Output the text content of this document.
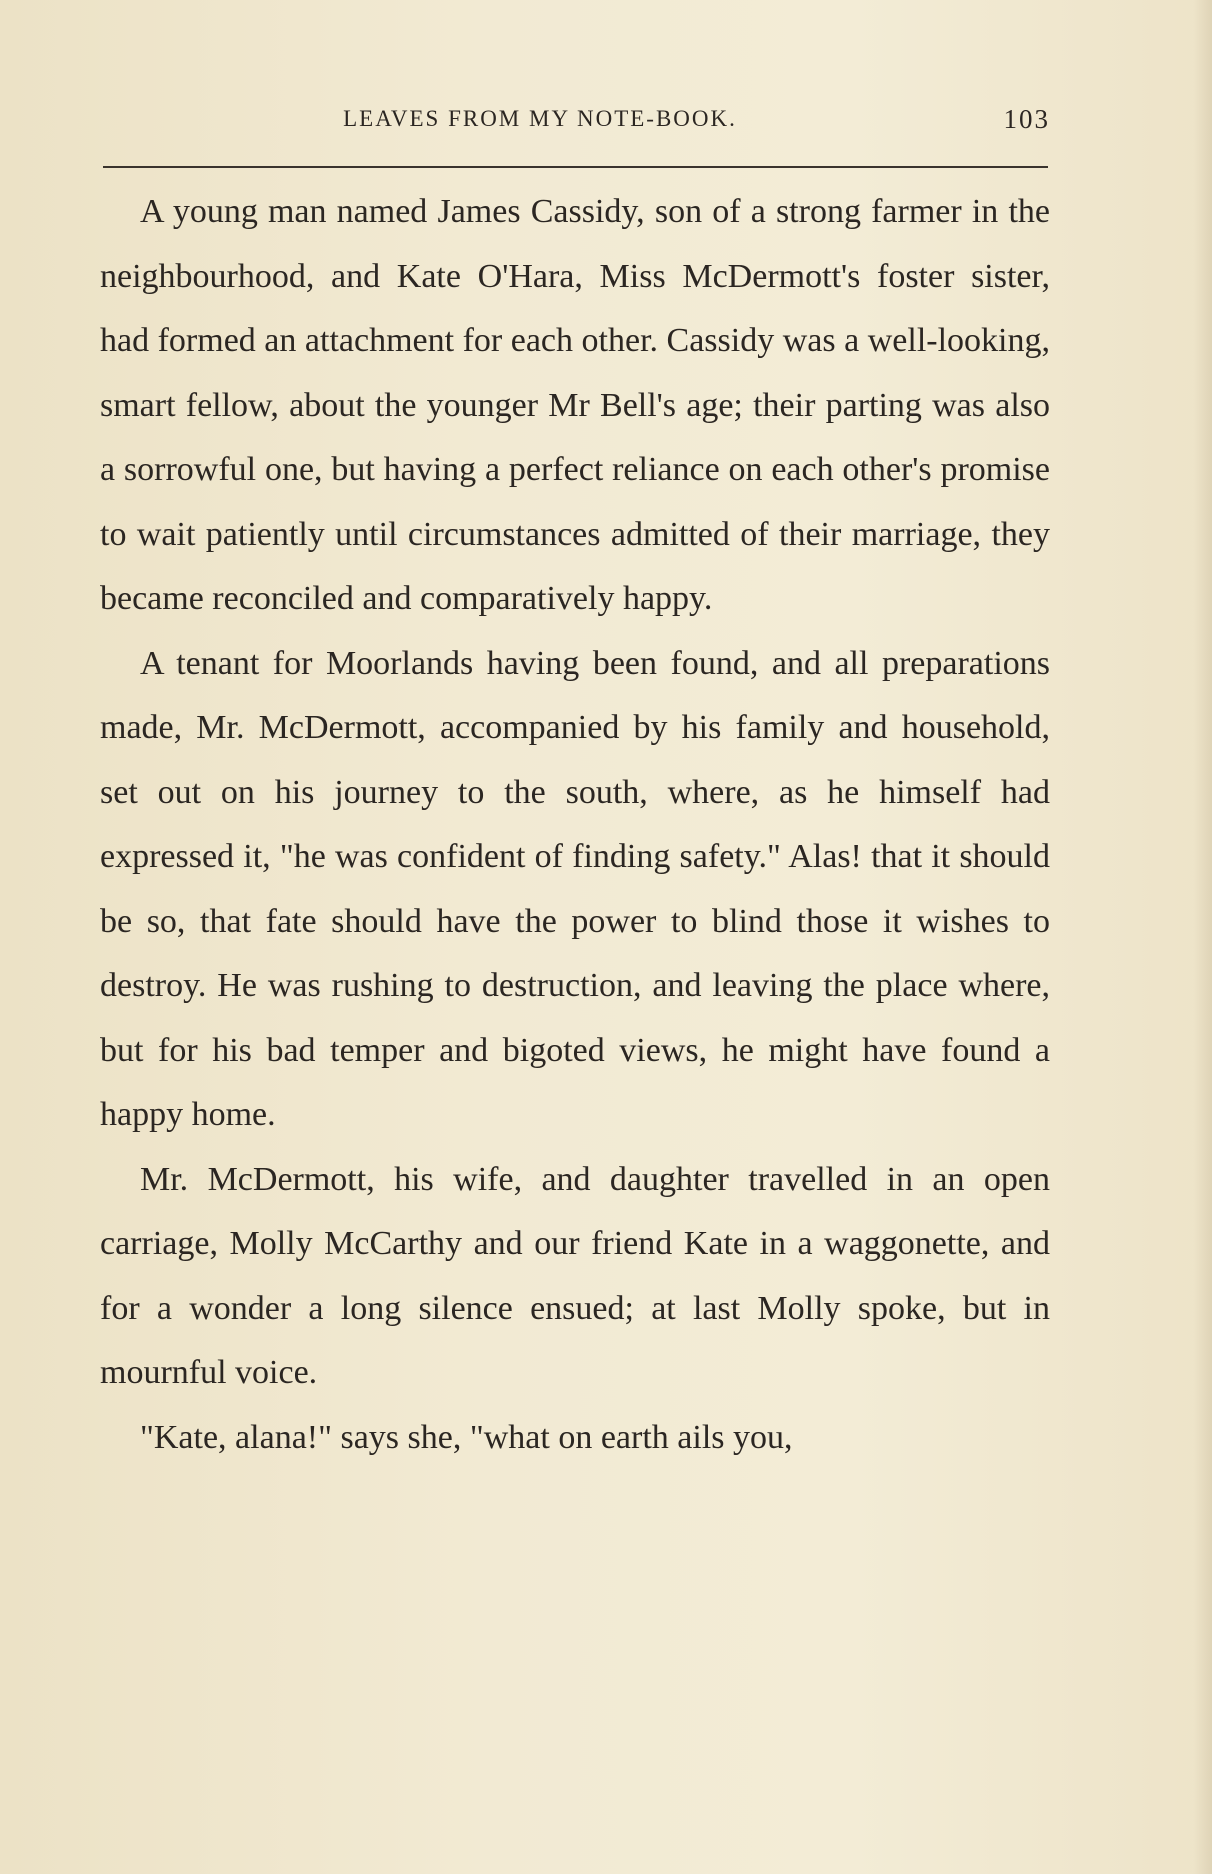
LEAVES FROM MY NOTE-BOOK.	103

A young man named James Cassidy, son of a strong farmer in the neighbourhood, and Kate O'Hara, Miss McDermott's foster sister, had formed an attachment for each other. Cassidy was a well-looking, smart fellow, about the younger Mr Bell's age; their parting was also a sorrowful one, but having a perfect reliance on each other's promise to wait patiently until circumstances admitted of their marriage, they became reconciled and comparatively happy.

A tenant for Moorlands having been found, and all preparations made, Mr. McDermott, accompanied by his family and household, set out on his journey to the south, where, as he himself had expressed it, "he was confident of finding safety." Alas! that it should be so, that fate should have the power to blind those it wishes to destroy. He was rushing to destruction, and leaving the place where, but for his bad temper and bigoted views, he might have found a happy home.

Mr. McDermott, his wife, and daughter travelled in an open carriage, Molly McCarthy and our friend Kate in a waggonette, and for a wonder a long silence ensued; at last Molly spoke, but in mournful voice.

"Kate, alana!" says she, "what on earth ails you,
